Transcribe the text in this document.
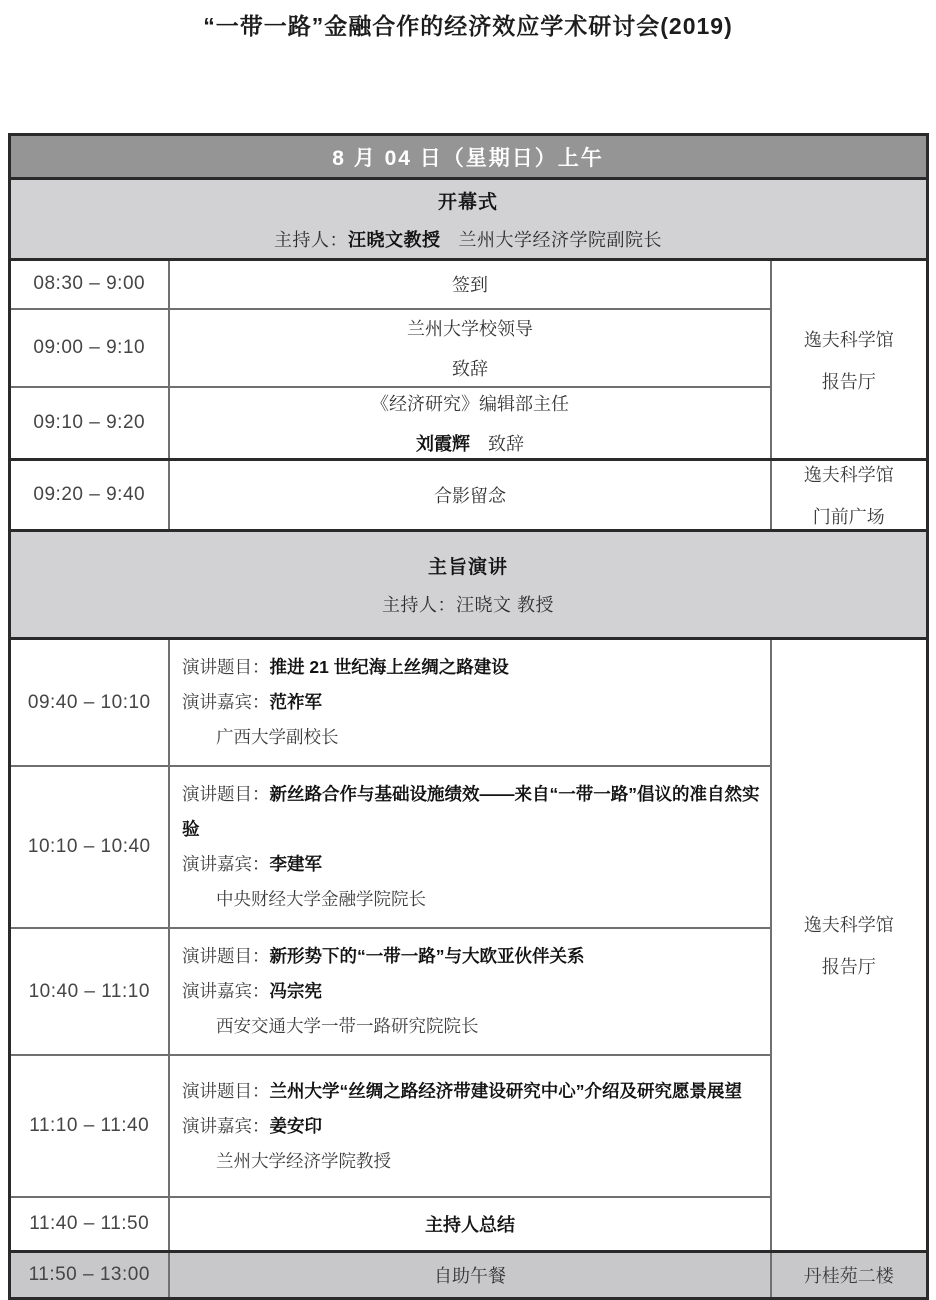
“一带一路”金融合作的经济效应学术研讨会(2019)
8 月 04 日（星期日）上午		

开幕式
主持人：汪晓文教授 兰州大学经济学院副院长		

08:30 – 9:00	签到	逸夫科学馆
报告厅

09:00 – 9:10	兰州大学校领导
致辞	

09:10 – 9:20	《经济研究》编辑部主任
刘霞辉 致辞	

09:20 – 9:40	合影留念	逸夫科学馆
门前广场

主旨演讲
主持人：汪晓文 教授		

09:40 – 10:10	
演讲题目：推进 21 世纪海上丝绸之路建设
演讲嘉宾：范祚军
广西大学副校长

逸夫科学馆
报告厅

10:10 – 10:40	演讲题目：新丝路合作与基础设施绩效——来自“一带一路”倡议的准自然实验
演讲嘉宾：李建军
中央财经大学金融学院院长	

10:40 – 11:10	演讲题目：新形势下的“一带一路”与大欧亚伙伴关系
演讲嘉宾：冯宗宪
西安交通大学一带一路研究院院长	

11:10 – 11:40	演讲题目：兰州大学“丝绸之路经济带建设研究中心”介绍及研究愿景展望
演讲嘉宾：姜安印
兰州大学经济学院教授	

11:40 – 11:50	主持人总结	
11:50 – 13:00	自助午餐	丹桂苑二楼
